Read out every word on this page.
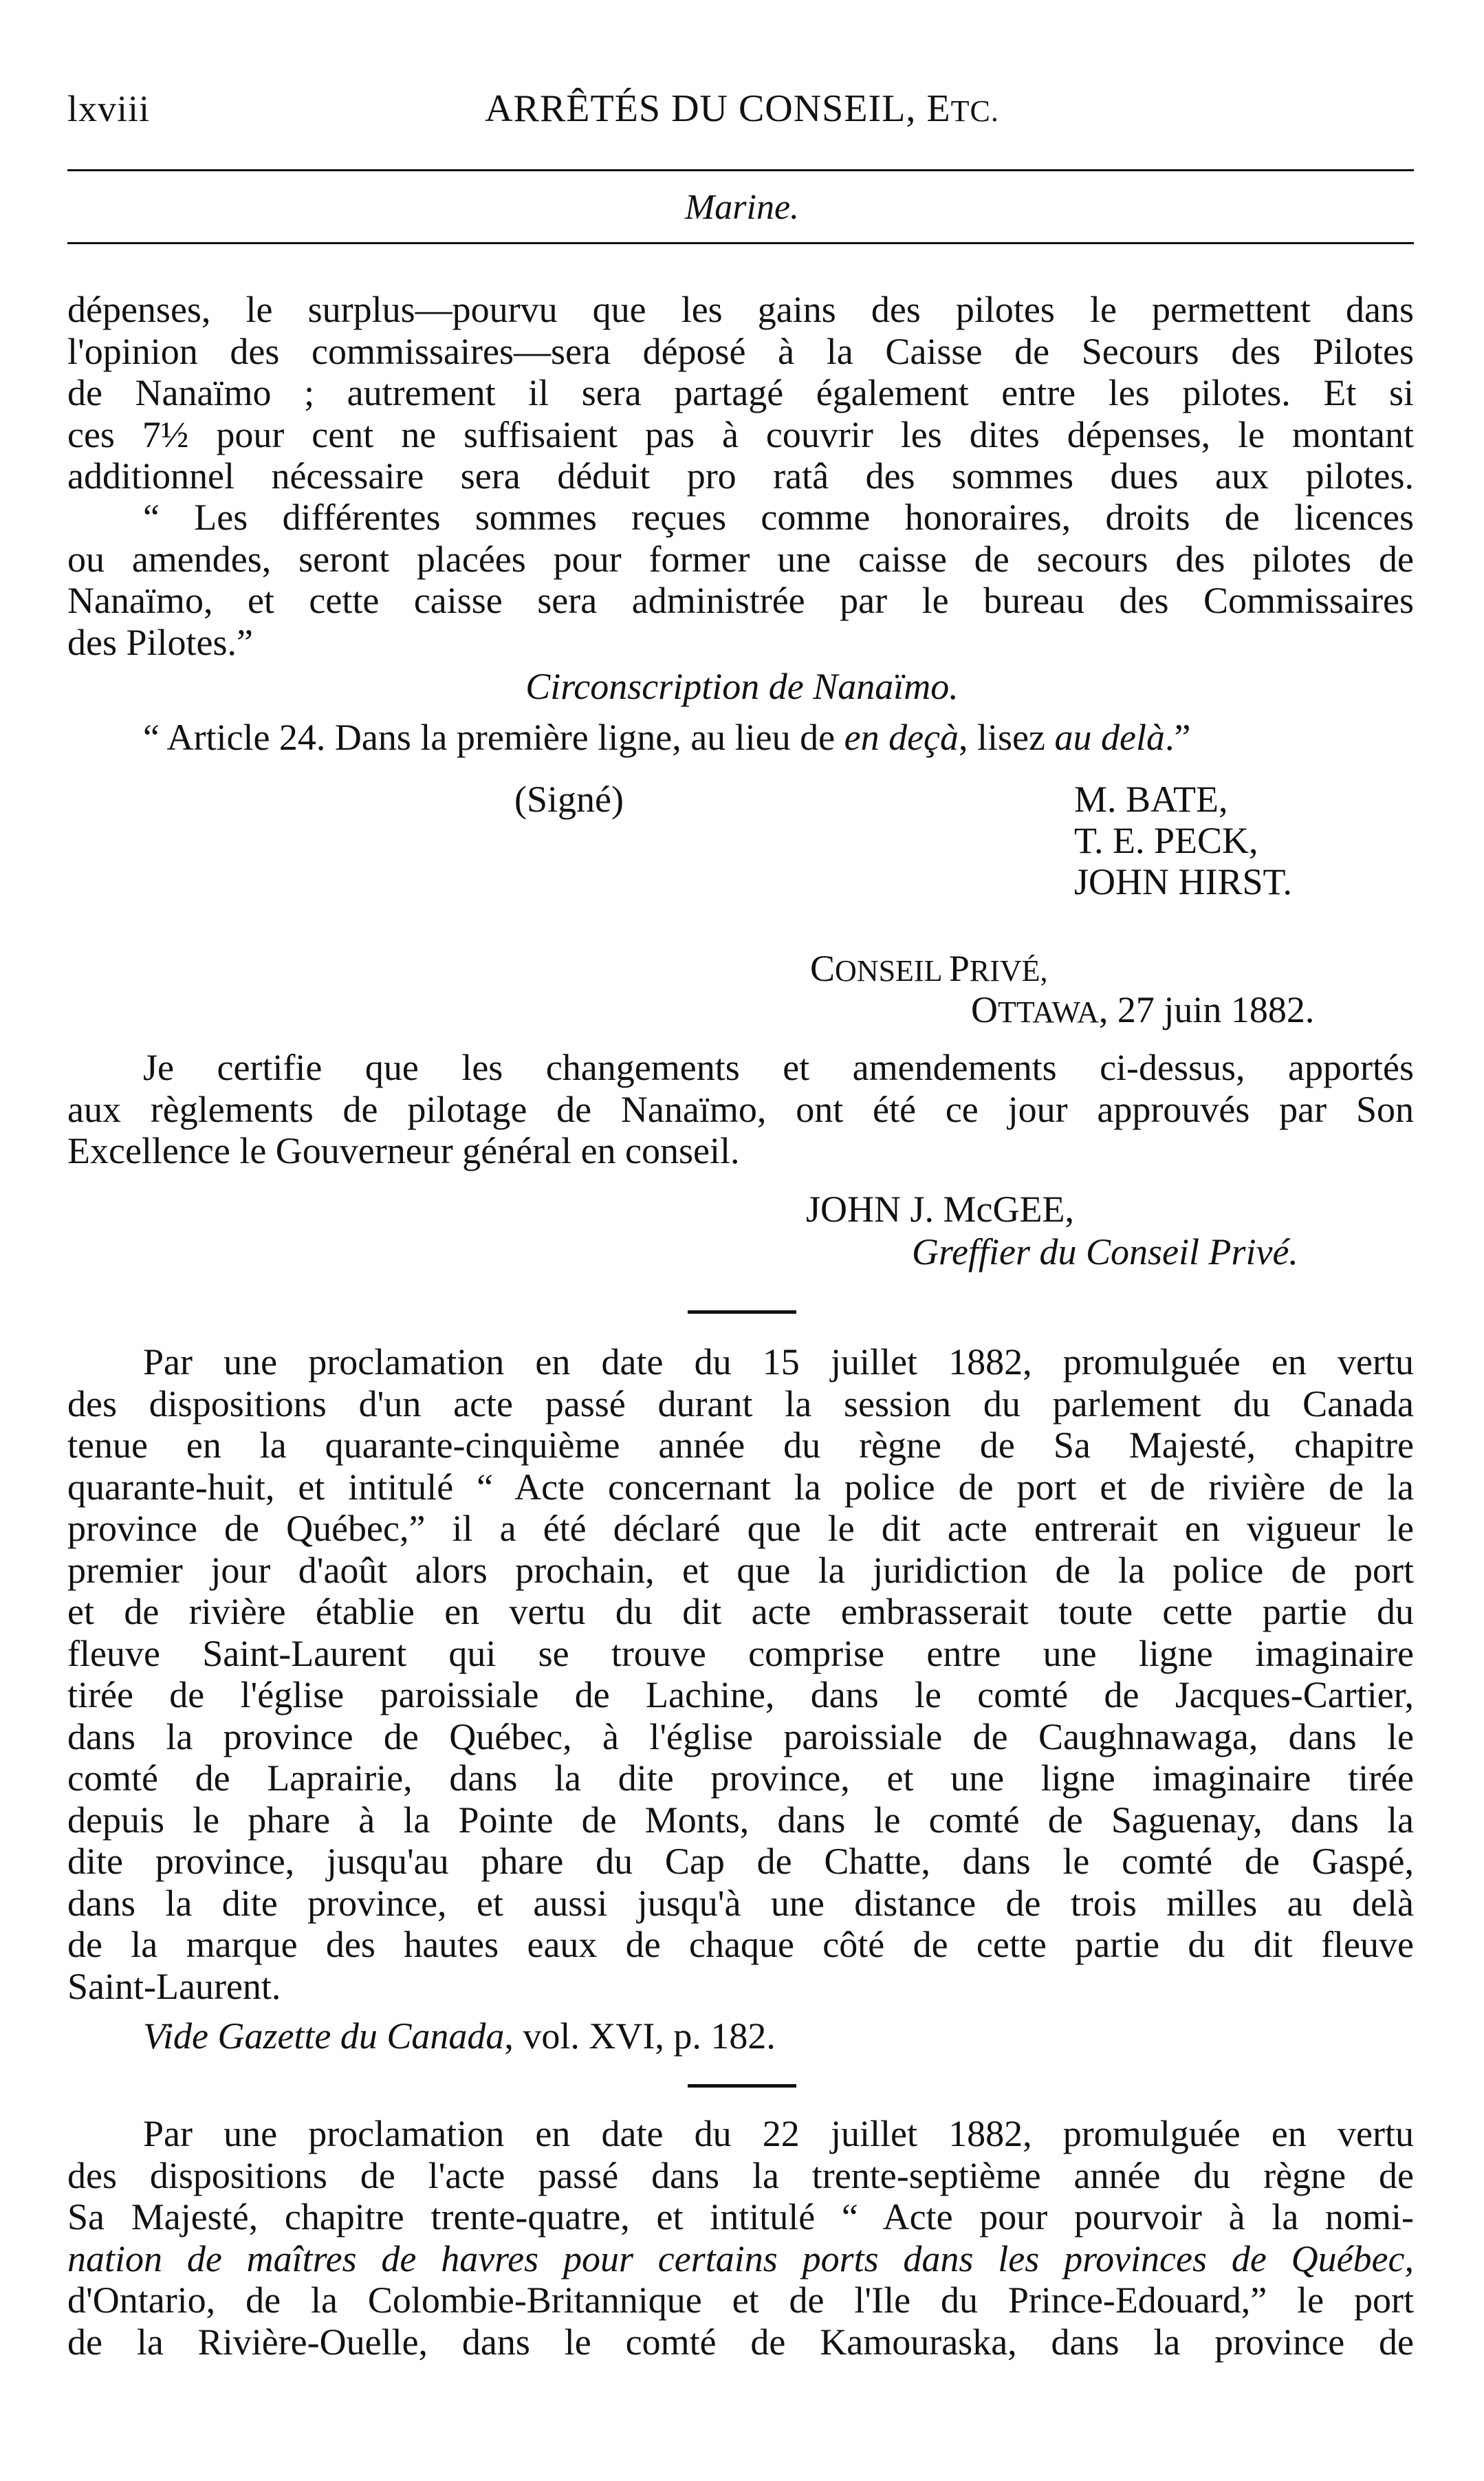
lxviii	ARRÊTÉS DU CONSEIL, ETC.
Marine.
dépenses, le surplus—pourvu que les gains des pilotes le permettent dans
l'opinion des commissaires—sera déposé à la Caisse de Secours des Pilotes
de Nanaïmo ; autrement il sera partagé également entre les pilotes. Et si
ces 7½ pour cent ne suffisaient pas à couvrir les dites dépenses, le montant
additionnel nécessaire sera déduit pro ratâ des sommes dues aux pilotes.
“ Les différentes sommes reçues comme honoraires, droits de licences
ou amendes, seront placées pour former une caisse de secours des pilotes de
Nanaïmo, et cette caisse sera administrée par le bureau des Commissaires
des Pilotes.”
Circonscription de Nanaïmo.
“ Article 24. Dans la première ligne, au lieu de en deçà, lisez au delà.”
(Signé)	M. BATE,
T. E. PECK,
JOHN HIRST.
CONSEIL PRIVÉ,
OTTAWA, 27 juin 1882.
Je certifie que les changements et amendements ci-dessus, apportés
aux règlements de pilotage de Nanaïmo, ont été ce jour approuvés par Son
Excellence le Gouverneur général en conseil.
JOHN J. McGEE,
Greffier du Conseil Privé.
Par une proclamation en date du 15 juillet 1882, promulguée en vertu
des dispositions d'un acte passé durant la session du parlement du Canada
tenue en la quarante-cinquième année du règne de Sa Majesté, chapitre
quarante-huit, et intitulé “ Acte concernant la police de port et de rivière de la
province de Québec,” il a été déclaré que le dit acte entrerait en vigueur le
premier jour d'août alors prochain, et que la juridiction de la police de port
et de rivière établie en vertu du dit acte embrasserait toute cette partie du
fleuve Saint-Laurent qui se trouve comprise entre une ligne imaginaire
tirée de l'église paroissiale de Lachine, dans le comté de Jacques-Cartier,
dans la province de Québec, à l'église paroissiale de Caughnawaga, dans le
comté de Laprairie, dans la dite province, et une ligne imaginaire tirée
depuis le phare à la Pointe de Monts, dans le comté de Saguenay, dans la
dite province, jusqu'au phare du Cap de Chatte, dans le comté de Gaspé,
dans la dite province, et aussi jusqu'à une distance de trois milles au delà
de la marque des hautes eaux de chaque côté de cette partie du dit fleuve
Saint-Laurent.
Vide Gazette du Canada, vol. XVI, p. 182.
Par une proclamation en date du 22 juillet 1882, promulguée en vertu
des dispositions de l'acte passé dans la trente-septième année du règne de
Sa Majesté, chapitre trente-quatre, et intitulé “ Acte pour pourvoir à la nomi-
nation de maîtres de havres pour certains ports dans les provinces de Québec,
d'Ontario, de la Colombie-Britannique et de l'Ile du Prince-Edouard,” le port
de la Rivière-Ouelle, dans le comté de Kamouraska, dans la province de
